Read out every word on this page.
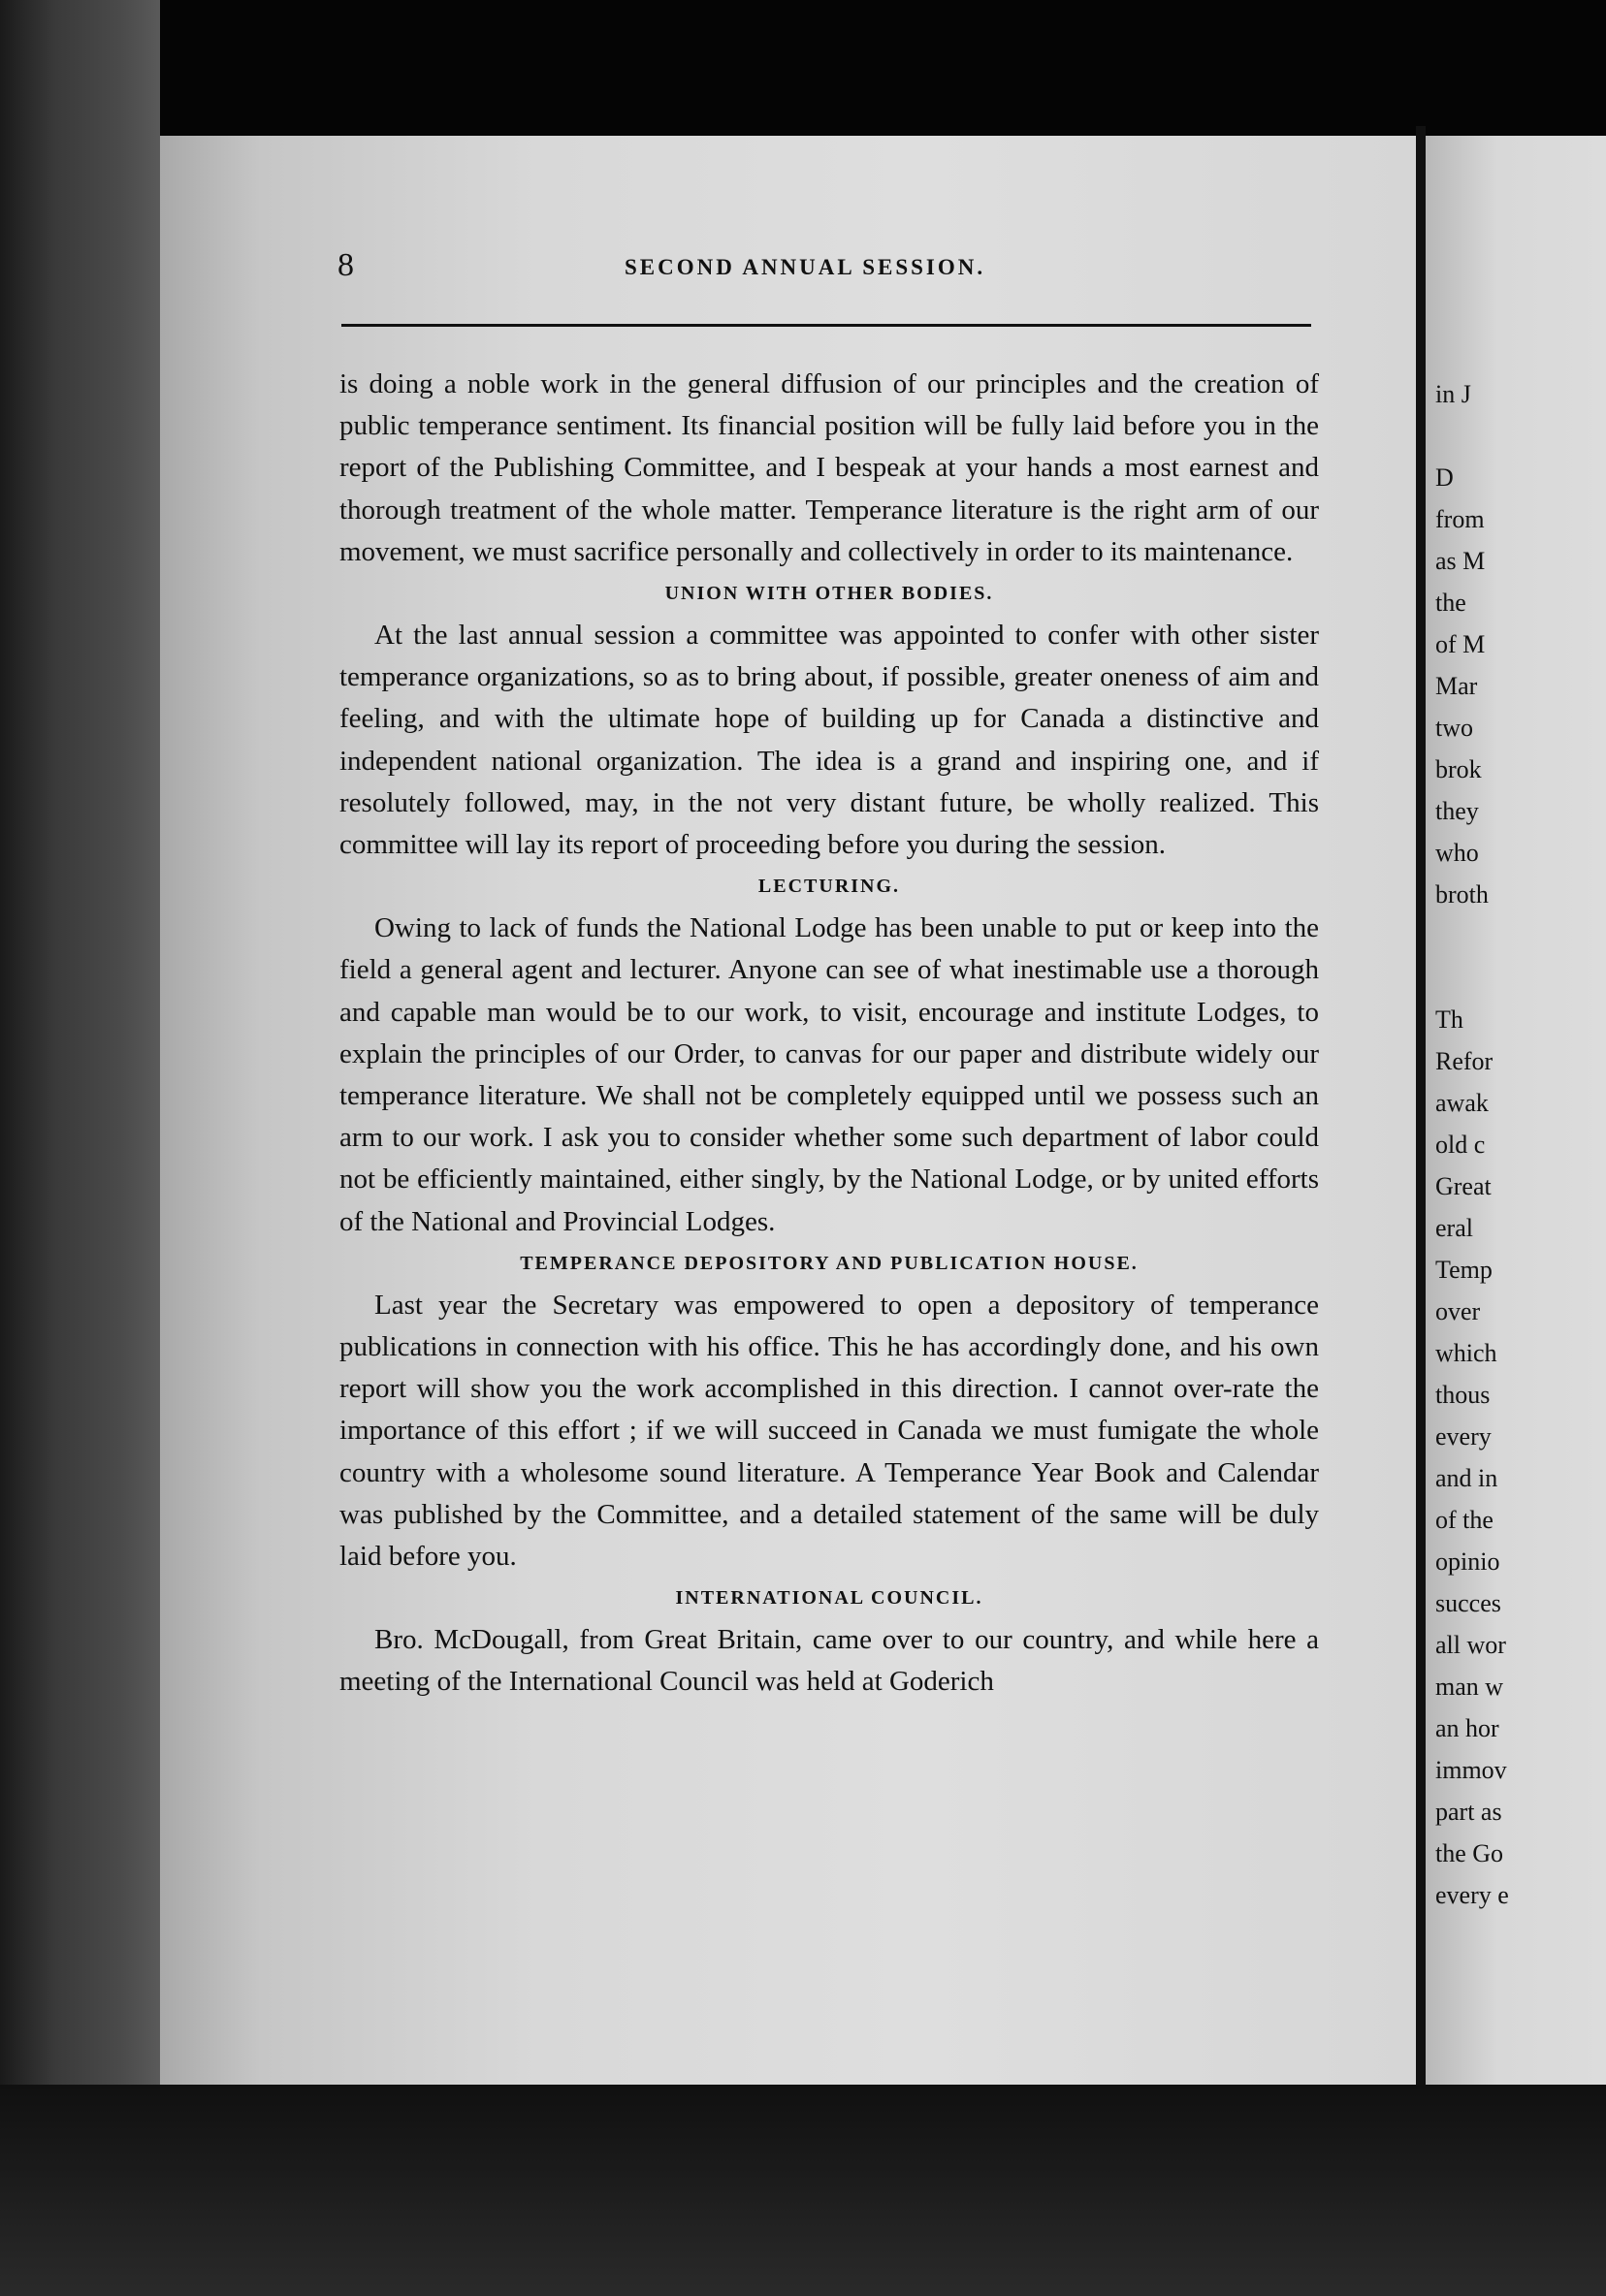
8	SECOND ANNUAL SESSION.

is doing a noble work in the general diffusion of our principles and the creation of public temperance sentiment. Its financial position will be fully laid before you in the report of the Publishing Committee, and I bespeak at your hands a most earnest and thorough treatment of the whole matter. Temperance literature is the right arm of our movement, we must sacrifice personally and collectively in order to its maintenance.

UNION WITH OTHER BODIES.

At the last annual session a committee was appointed to confer with other sister temperance organizations, so as to bring about, if possible, greater oneness of aim and feeling, and with the ultimate hope of building up for Canada a distinctive and independent national organization. The idea is a grand and inspiring one, and if resolutely followed, may, in the not very distant future, be wholly realized. This committee will lay its report of proceeding before you during the session.

LECTURING.

Owing to lack of funds the National Lodge has been unable to put or keep into the field a general agent and lecturer. Anyone can see of what inestimable use a thorough and capable man would be to our work, to visit, encourage and institute Lodges, to explain the principles of our Order, to canvas for our paper and distribute widely our temperance literature. We shall not be completely equipped until we possess such an arm to our work. I ask you to consider whether some such department of labor could not be efficiently maintained, either singly, by the National Lodge, or by united efforts of the National and Provincial Lodges.

TEMPERANCE DEPOSITORY AND PUBLICATION HOUSE.

Last year the Secretary was empowered to open a depository of temperance publications in connection with his office. This he has accordingly done, and his own report will show you the work accomplished in this direction. I cannot over-rate the importance of this effort ; if we will succeed in Canada we must fumigate the whole country with a wholesome sound literature. A Temperance Year Book and Calendar was published by the Committee, and a detailed statement of the same will be duly laid before you.

INTERNATIONAL COUNCIL.

Bro. McDougall, from Great Britain, came over to our country, and while here a meeting of the International Council was held at Goderich

in J

D
from
as M
the
of M
Mar
two
brok
they
who
broth

Th
Refor
awak
old c
Great
eral
Temp
over
which
thous
every
and in
of the
opinio
succes
all wor
man w
an hor
immov
part as
the Go
every e
